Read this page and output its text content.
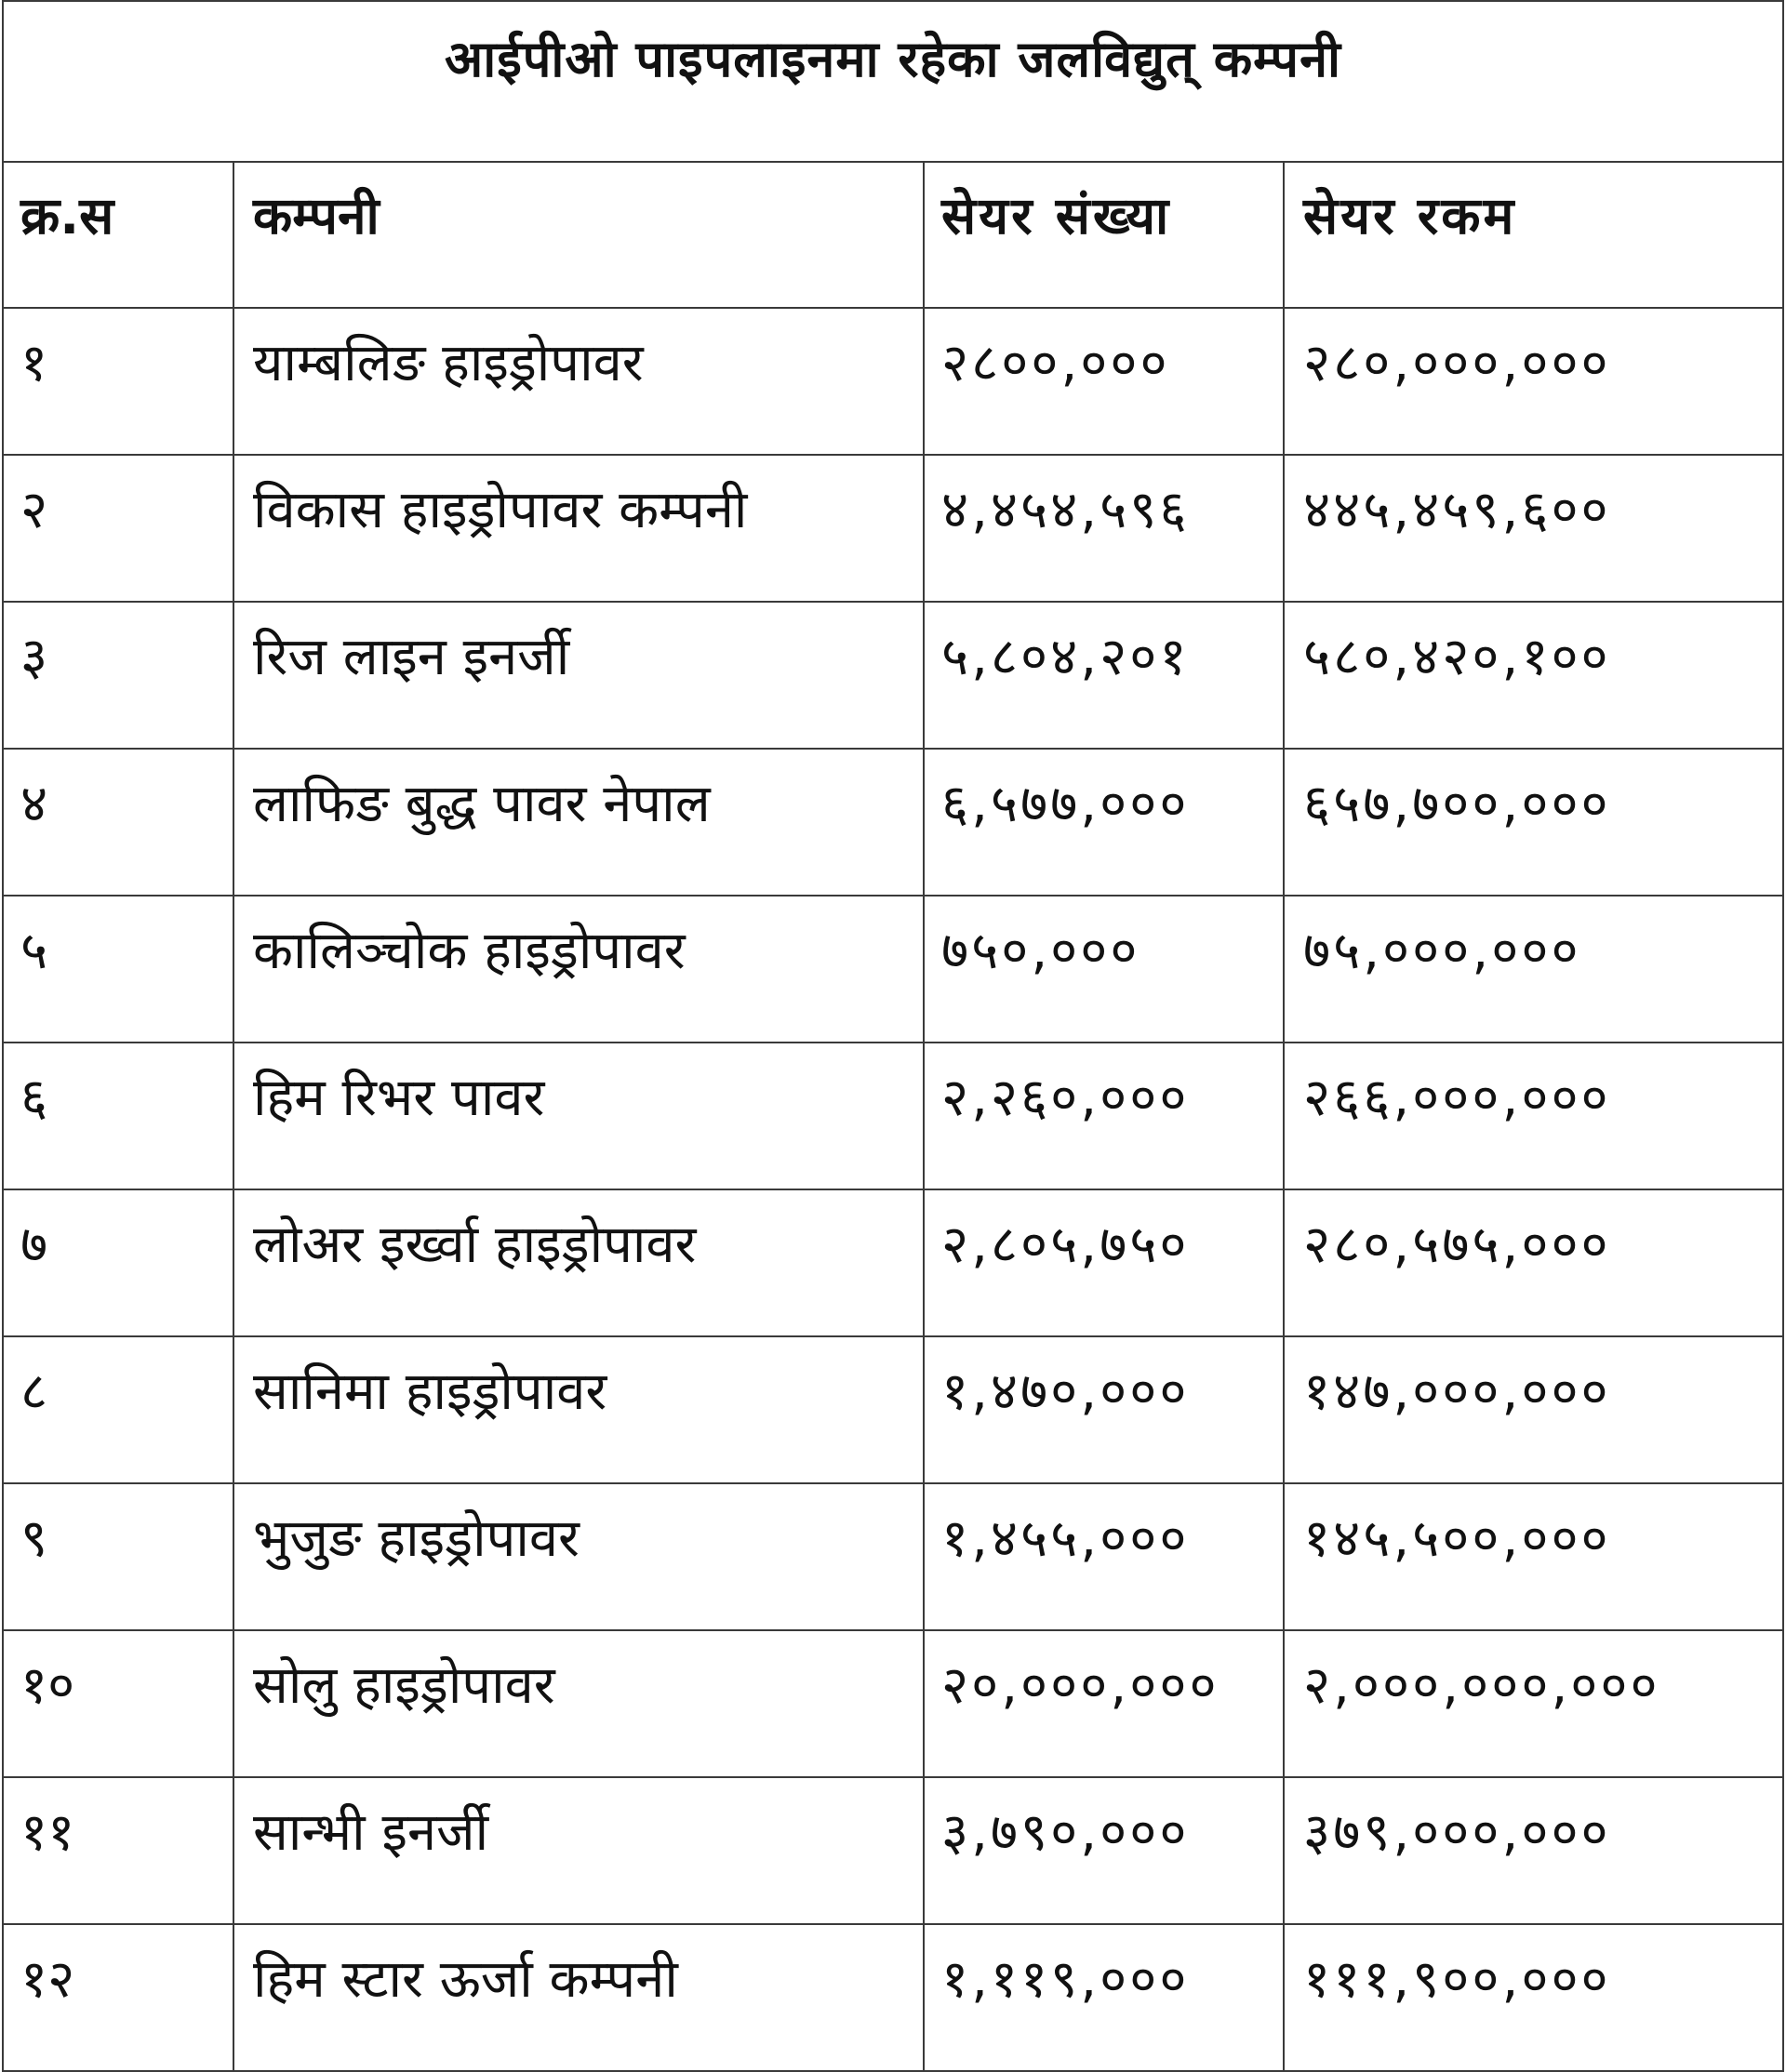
आईपीओ पाइपलाइनमा रहेका जलविद्युत् कम्पनी			

क्र.स	कम्पनी	सेयर संख्या	सेयर रकम

१	याम्बलिङ हाइड्रोपावर	२८००,०००	२८०,०००,०००

२	विकास हाइड्रोपावर कम्पनी	४,४५४,५९६	४४५,४५९,६००

३	रिज लाइन इनर्जी	५,८०४,२०१	५८०,४२०,१००

४	लाफिङ बुद्ध पावर नेपाल	६,५७७,०००	६५७,७००,०००

५	कालिञ्चोक हाइड्रोपावर	७५०,०००	७५,०००,०००

६	हिम रिभर पावर	२,२६०,०००	२६६,०००,०००

७	लोअर इर्ख्वा हाइड्रोपावर	२,८०५,७५०	२८०,५७५,०००

८	सानिमा हाइड्रोपावर	१,४७०,०००	१४७,०००,०००

९	भुजुङ हाइड्रोपावर	१,४५५,०००	१४५,५००,०००

१०	सोलु हाइड्रोपावर	२०,०००,०००	२,०००,०००,०००

११	सान्भी इनर्जी	३,७९०,०००	३७९,०००,०००

१२	हिम स्टार ऊर्जा कम्पनी	१,११९,०००	१११,९००,०००
